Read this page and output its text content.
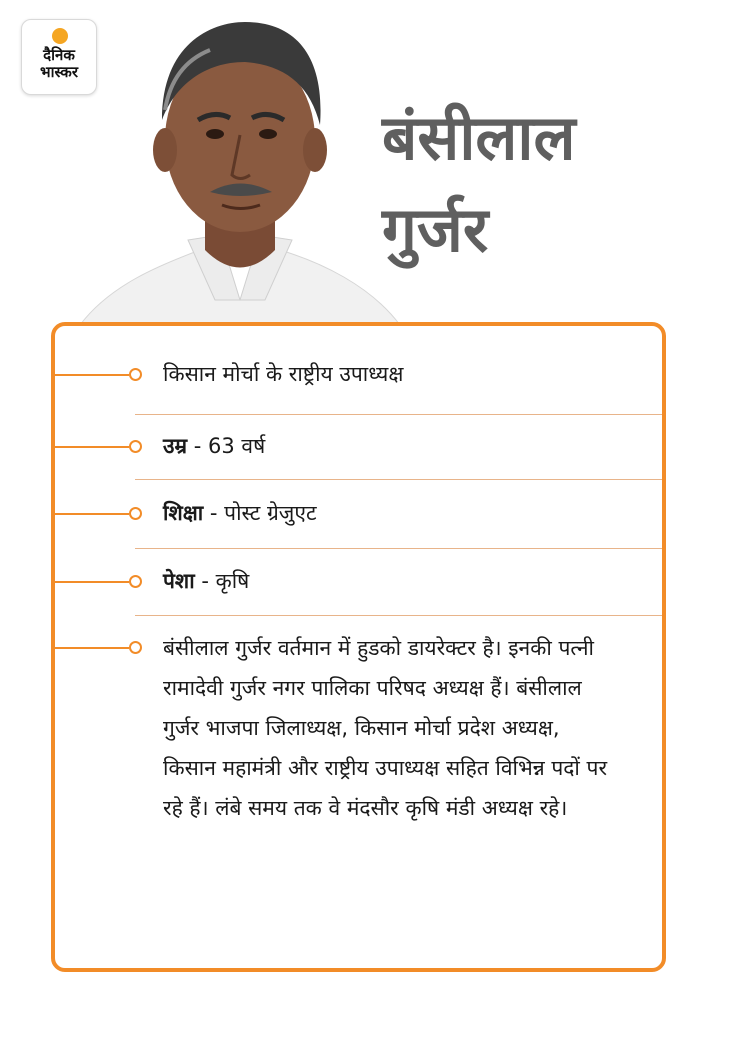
दैनिक
भास्कर
बंसीलाल
गुर्जर
किसान मोर्चा के राष्ट्रीय उपाध्यक्ष
उम्र - 63 वर्ष
शिक्षा - पोस्ट ग्रेजुएट
पेशा - कृषि
बंसीलाल गुर्जर वर्तमान में हुडको डायरेक्टर है। इनकी पत्नी रामादेवी गुर्जर नगर पालिका परिषद अध्यक्ष हैं। बंसीलाल गुर्जर भाजपा जिलाध्यक्ष, किसान मोर्चा प्रदेश अध्यक्ष, किसान महामंत्री और राष्ट्रीय उपाध्यक्ष सहित विभिन्न पदों पर रहे हैं। लंबे समय तक वे मंदसौर कृषि मंडी अध्यक्ष रहे।
